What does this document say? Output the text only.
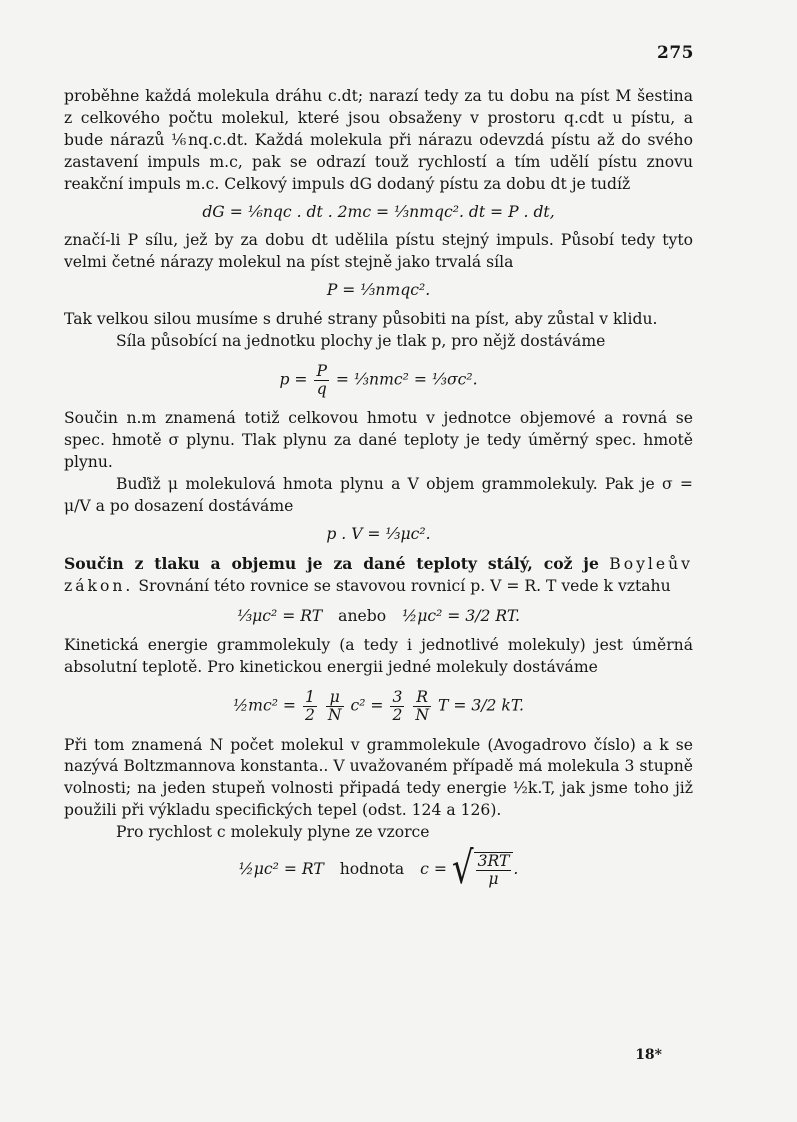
275

proběhne každá molekula dráhu c.dt; narazí tedy za tu dobu na píst M šestina z celkového počtu molekul, které jsou obsaženy v prostoru q.cdt u pístu, a bude nárazů ⅙nq.c.dt. Každá molekula při nárazu odevzdá pístu až do svého zastavení impuls m.c, pak se odrazí touž rychlostí a tím udělí pístu znovu reakční impuls m.c. Celkový impuls dG dodaný pístu za dobu dt je tudíž

dG = ⅙nqc . dt . 2mc = ⅓nmqc². dt = P . dt,

značí-li P sílu, jež by za dobu dt udělila pístu stejný impuls. Působí tedy tyto velmi četné nárazy molekul na píst stejně jako trvalá síla

P = ⅓nmqc².

Tak velkou silou musíme s druhé strany působiti na píst, aby zůstal v klidu.

Síla působící na jednotku plochy je tlak p, pro nějž dostáváme

$p = \frac{P}{q}$ = ⅓nmc² = ⅓σc².

Součin n.m znamená totiž celkovou hmotu v jednotce objemové a rovná se spec. hmotě σ plynu. Tlak plynu za dané teploty je tedy úměrný spec. hmotě plynu.

Buďiž μ molekulová hmota plynu a V objem grammolekuly. Pak je σ = μ/V a po dosazení dostáváme

p . V = ⅓μc².

Součin z tlaku a objemu je za dané teploty stálý, což je Boyleův zákon. Srovnání této rovnice se stavovou rovnicí p. V = R. T vede k vztahu

⅓μc² = RT anebo ½μc² = 3/2 RT.

Kinetická energie grammolekuly (a tedy i jednotlivé molekuly) jest úměrná absolutní teplotě. Pro kinetickou energii jedné molekuly dostáváme

½mc² = $\frac{1}{2}$
$\frac{\mu}{N} c^2 = \frac{3}{2}$
$\frac{R}{N}$ T = 3/2 kT.

Při tom znamená N počet molekul v grammolekule (Avogadrovo číslo) a k se nazývá Boltzmannova konstanta.. V uvažovaném případě má molekula 3 stupně volnosti; na jeden stupeň volnosti připadá tedy energie ½k.T, jak jsme toho již použili při výkladu specifických tepel (odst. 124 a 126).

Pro rychlost c molekuly plyne ze vzorce

½μc² = RT hodnota c = √ $\frac{3RT}{\mu}$ .
18*
